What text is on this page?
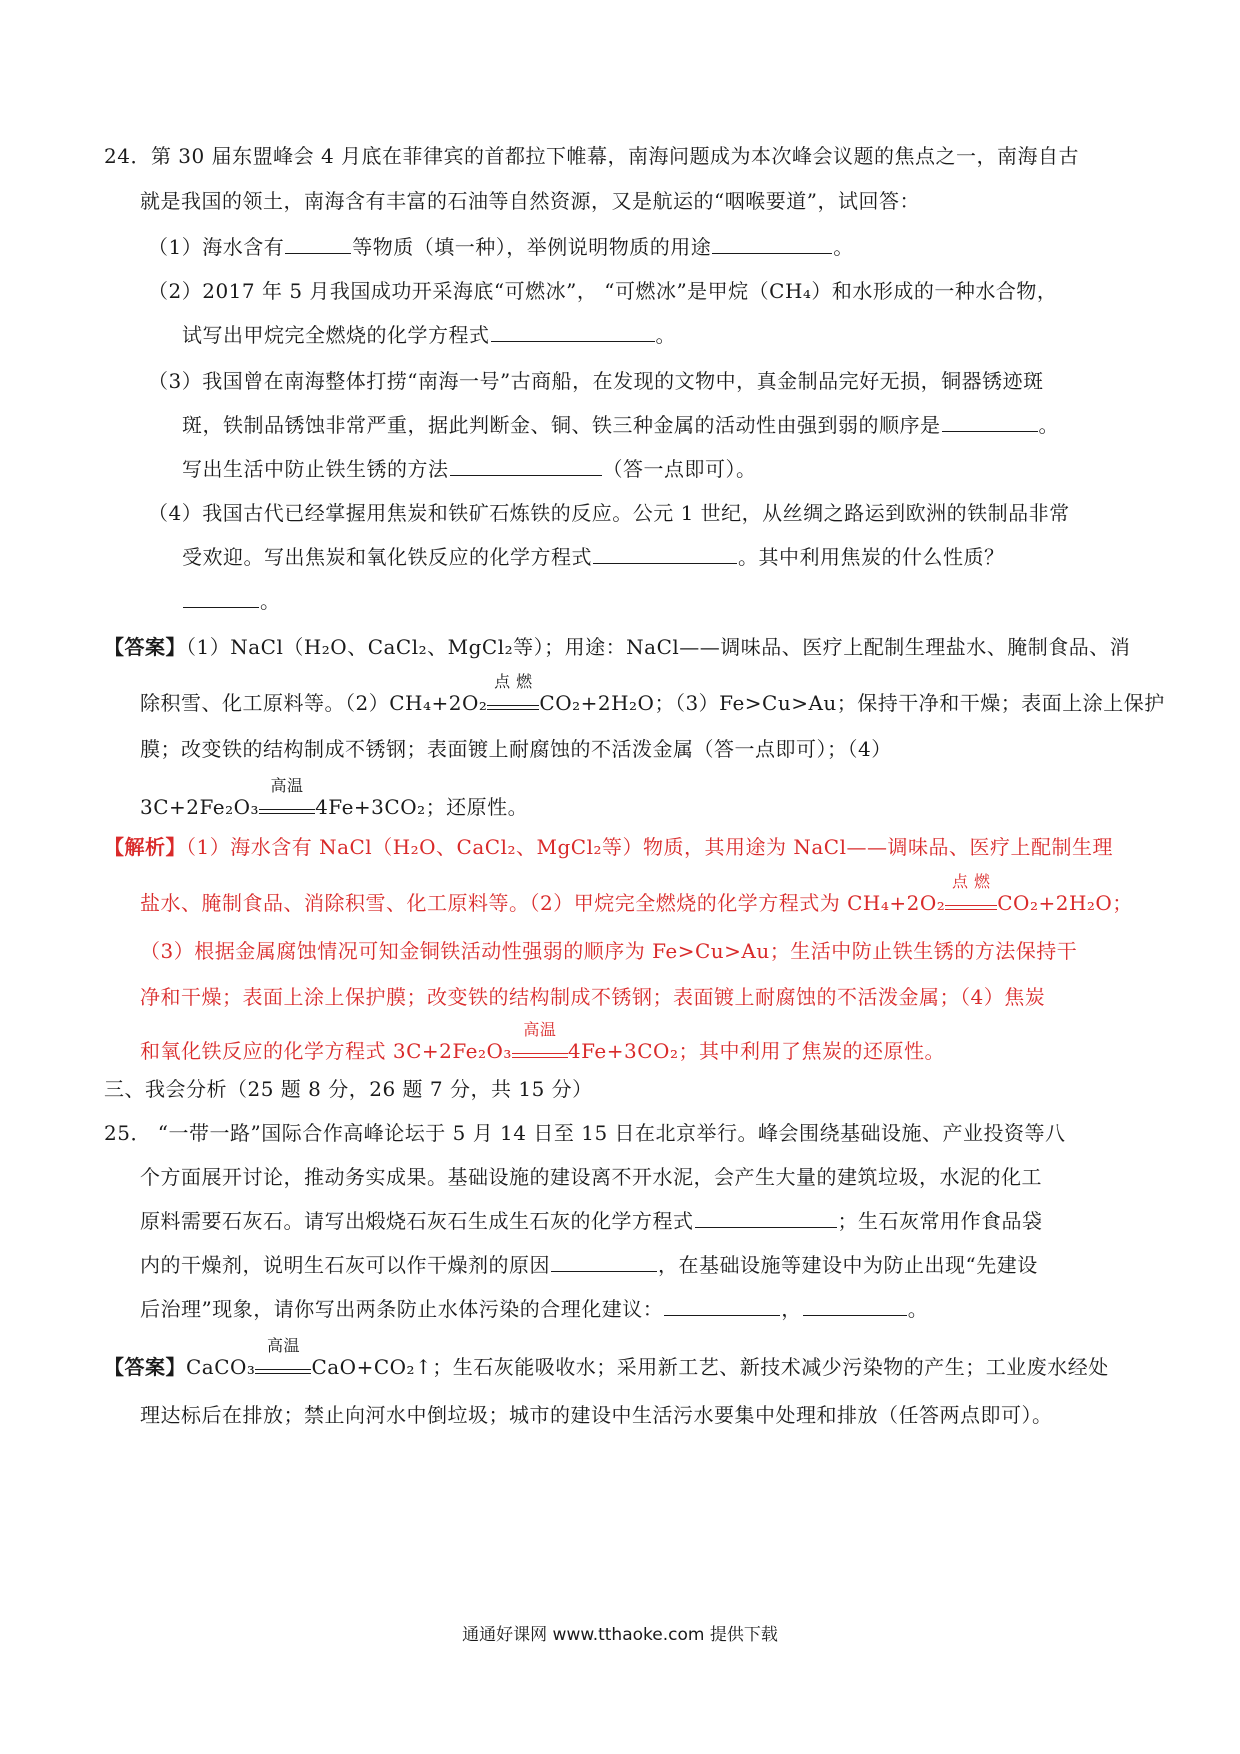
24．第 30 届东盟峰会 4 月底在菲律宾的首都拉下帷幕，南海问题成为本次峰会议题的焦点之一，南海自古
就是我国的领土，南海含有丰富的石油等自然资源，又是航运的“咽喉要道”，试回答：
（1）海水含有	等物质（填一种），举例说明物质的用途	。
（2）2017 年 5 月我国成功开采海底“可燃冰”， “可燃冰”是甲烷（CH₄）和水形成的一种水合物，
试写出甲烷完全燃烧的化学方程式	。
（3）我国曾在南海整体打捞“南海一号”古商船，在发现的文物中，真金制品完好无损，铜器锈迹斑
斑，铁制品锈蚀非常严重，据此判断金、铜、铁三种金属的活动性由强到弱的顺序是	。
写出生活中防止铁生锈的方法	（答一点即可）。
（4）我国古代已经掌握用焦炭和铁矿石炼铁的反应。公元 1 世纪，从丝绸之路运到欧洲的铁制品非常
受欢迎。写出焦炭和氧化铁反应的化学方程式	。其中利用焦炭的什么性质？
。
【答案】（1）NaCl（H₂O、CaCl₂、MgCl₂等）；用途：NaCl——调味品、医疗上配制生理盐水、腌制食品、消
除积雪、化工原料等。（2）CH₄+2O₂
点 燃
CO₂+2H₂O；（3）Fe>Cu>Au；保持干净和干燥；表面上涂上保护
膜；改变铁的结构制成不锈钢；表面镀上耐腐蚀的不活泼金属（答一点即可）；（4）
3C+2Fe₂O₃
高温
4Fe+3CO₂；还原性。
【解析】（1）海水含有 NaCl（H₂O、CaCl₂、MgCl₂等）物质，其用途为 NaCl——调味品、医疗上配制生理
盐水、腌制食品、消除积雪、化工原料等。（2）甲烷完全燃烧的化学方程式为 CH₄+2O₂
点 燃
CO₂+2H₂O；
（3）根据金属腐蚀情况可知金铜铁活动性强弱的顺序为 Fe>Cu>Au；生活中防止铁生锈的方法保持干
净和干燥；表面上涂上保护膜；改变铁的结构制成不锈钢；表面镀上耐腐蚀的不活泼金属；（4）焦炭
和氧化铁反应的化学方程式 3C+2Fe₂O₃
高温
4Fe+3CO₂；其中利用了焦炭的还原性。
三、我会分析（25 题 8 分，26 题 7 分，共 15 分）
25． “一带一路”国际合作高峰论坛于 5 月 14 日至 15 日在北京举行。峰会围绕基础设施、产业投资等八
个方面展开讨论，推动务实成果。基础设施的建设离不开水泥，会产生大量的建筑垃圾，水泥的化工
原料需要石灰石。请写出煅烧石灰石生成生石灰的化学方程式	；生石灰常用作食品袋
内的干燥剂，说明生石灰可以作干燥剂的原因	，在基础设施等建设中为防止出现“先建设
后治理”现象，请你写出两条防止水体污染的合理化建议：	，	。
【答案】CaCO₃
高温
CaO+CO₂↑；生石灰能吸收水；采用新工艺、新技术减少污染物的产生；工业废水经处
理达标后在排放；禁止向河水中倒垃圾；城市的建设中生活污水要集中处理和排放（任答两点即可）。
通通好课网 www.tthaoke.com 提供下载
